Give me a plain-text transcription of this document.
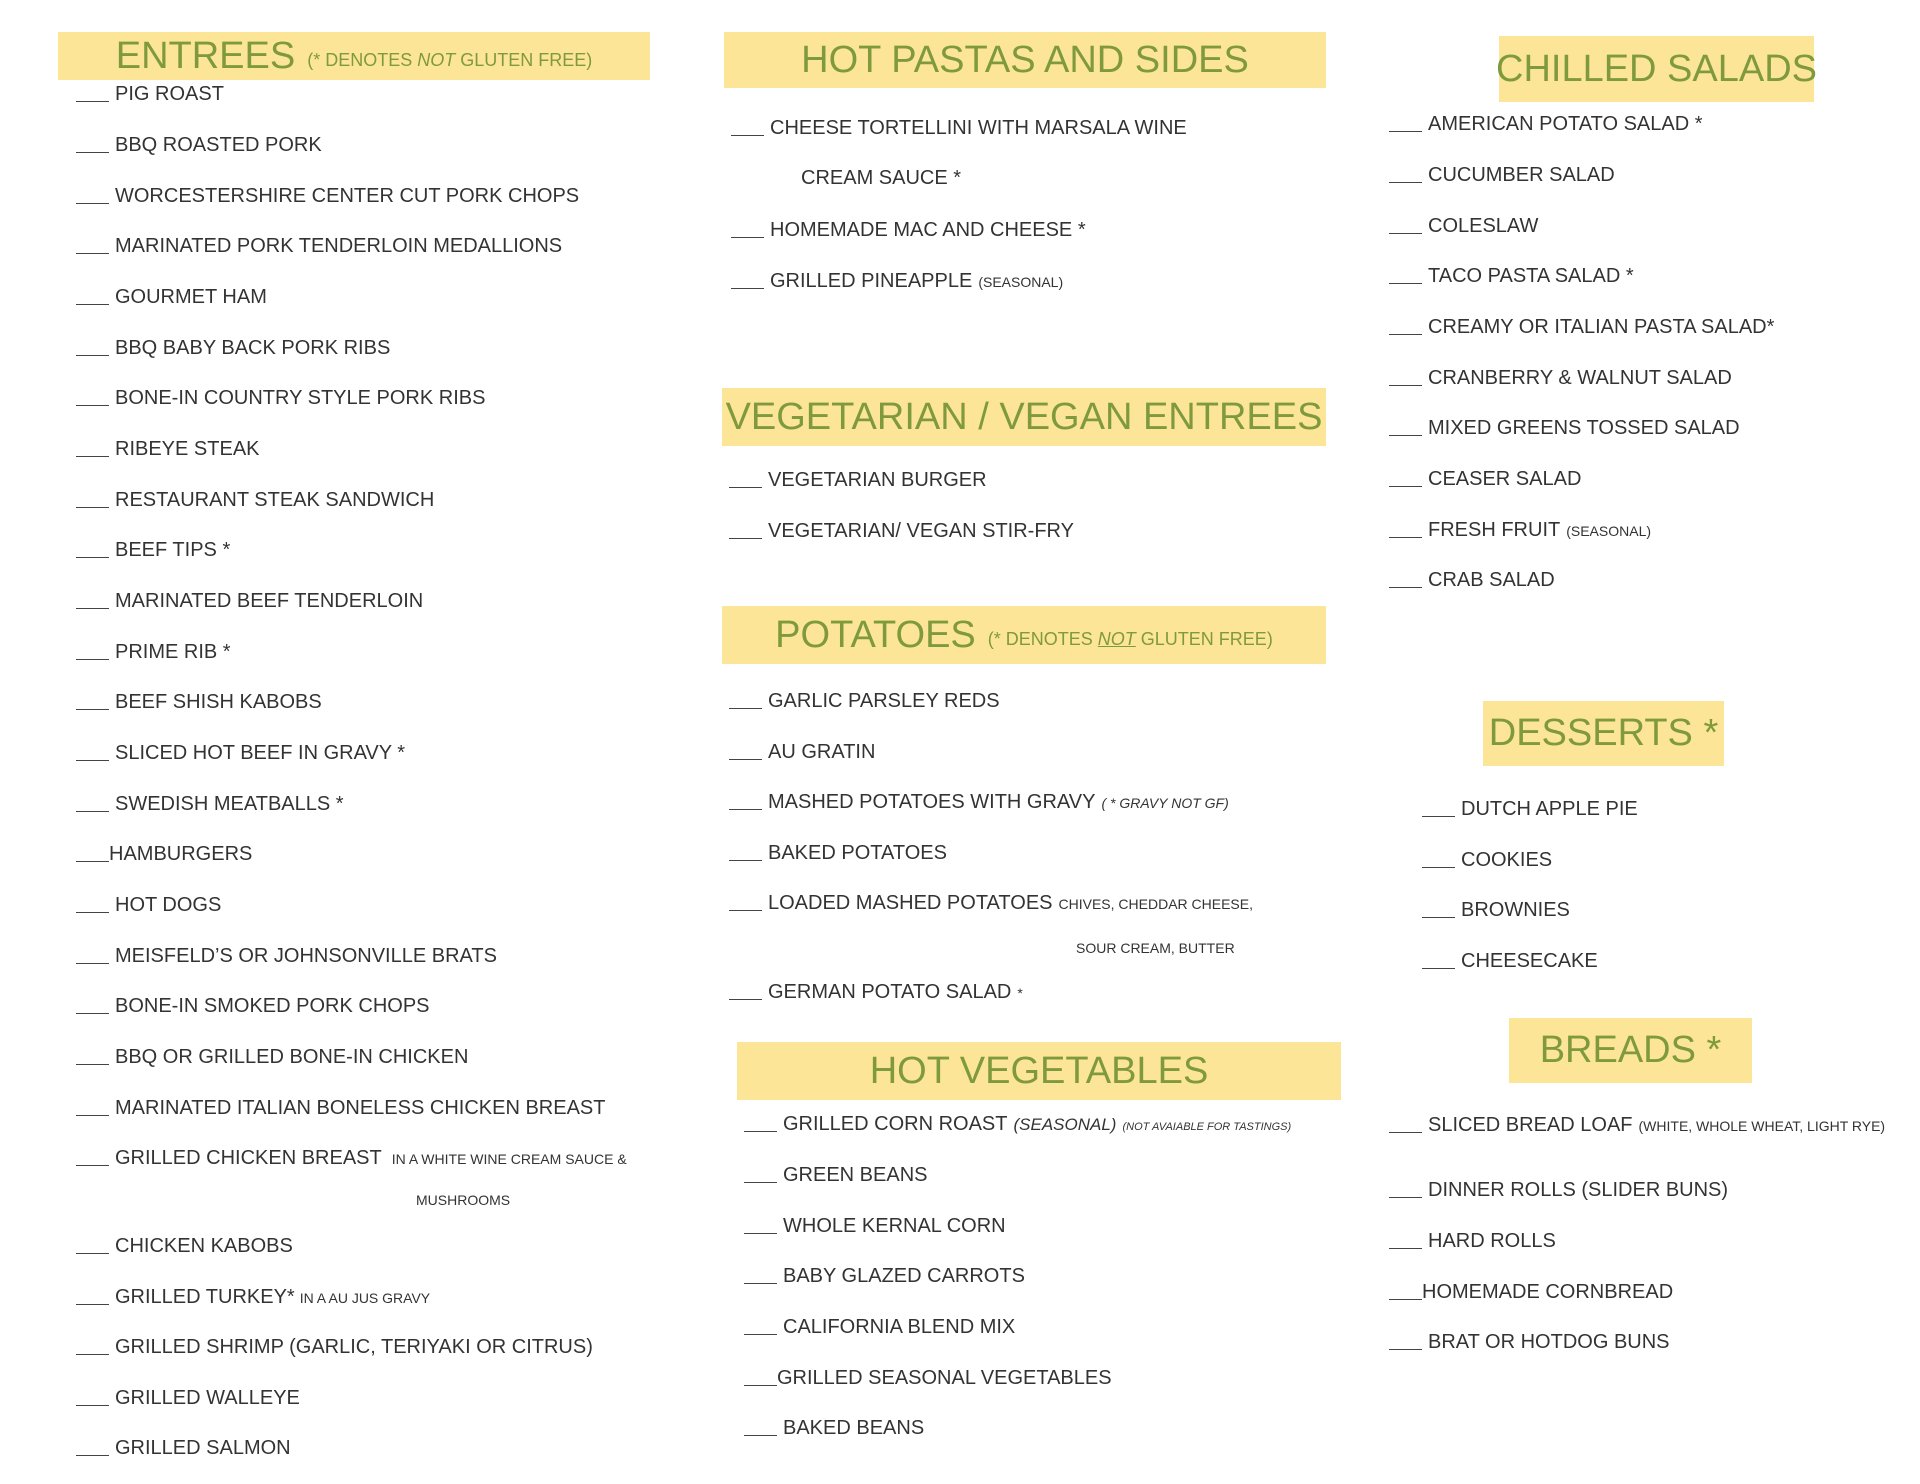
ENTREES (* DENOTES NOT GLUTEN FREE)
PIG ROAST
BBQ ROASTED PORK
WORCESTERSHIRE CENTER CUT PORK CHOPS
MARINATED PORK TENDERLOIN MEDALLIONS
GOURMET HAM
BBQ BABY BACK PORK RIBS
BONE-IN COUNTRY STYLE PORK RIBS
RIBEYE STEAK
RESTAURANT STEAK SANDWICH
BEEF TIPS *
MARINATED BEEF TENDERLOIN
PRIME RIB *
BEEF SHISH KABOBS
SLICED HOT BEEF IN GRAVY *
SWEDISH MEATBALLS *
HAMBURGERS
HOT DOGS
MEISFELD’S OR JOHNSONVILLE BRATS
BONE-IN SMOKED PORK CHOPS
BBQ OR GRILLED BONE-IN CHICKEN
MARINATED ITALIAN BONELESS CHICKEN BREAST
GRILLED CHICKEN BREAST IN A WHITE WINE CREAM SAUCE &
CHICKEN KABOBS
GRILLED TURKEY* IN A AU JUS GRAVY
GRILLED SHRIMP (GARLIC, TERIYAKI OR CITRUS)
GRILLED WALLEYE
GRILLED SALMON
MUSHROOMS
HOT PASTAS AND SIDES
CHEESE TORTELLINI WITH MARSALA WINE
CREAM SAUCE *
HOMEMADE MAC AND CHEESE *
GRILLED PINEAPPLE (SEASONAL)
VEGETARIAN / VEGAN ENTREES
VEGETARIAN BURGER
VEGETARIAN/ VEGAN STIR-FRY
POTATOES (* DENOTES NOT GLUTEN FREE)
GARLIC PARSLEY REDS
AU GRATIN
MASHED POTATOES WITH GRAVY ( * GRAVY NOT GF)
BAKED POTATOES
LOADED MASHED POTATOES CHIVES, CHEDDAR CHEESE,
SOUR CREAM, BUTTER
GERMAN POTATO SALAD *
HOT VEGETABLES
GRILLED CORN ROAST (SEASONAL) (NOT AVAIABLE FOR TASTINGS)
GREEN BEANS
WHOLE KERNAL CORN
BABY GLAZED CARROTS
CALIFORNIA BLEND MIX
GRILLED SEASONAL VEGETABLES
BAKED BEANS
CHILLED SALADS
AMERICAN POTATO SALAD *
CUCUMBER SALAD
COLESLAW
TACO PASTA SALAD *
CREAMY OR ITALIAN PASTA SALAD*
CRANBERRY & WALNUT SALAD
MIXED GREENS TOSSED SALAD
CEASER SALAD
FRESH FRUIT (SEASONAL)
CRAB SALAD
DESSERTS *
DUTCH APPLE PIE
COOKIES
BROWNIES
CHEESECAKE
BREADS *
SLICED BREAD LOAF (WHITE, WHOLE WHEAT, LIGHT RYE)
DINNER ROLLS (SLIDER BUNS)
HARD ROLLS
HOMEMADE CORNBREAD
BRAT OR HOTDOG BUNS
